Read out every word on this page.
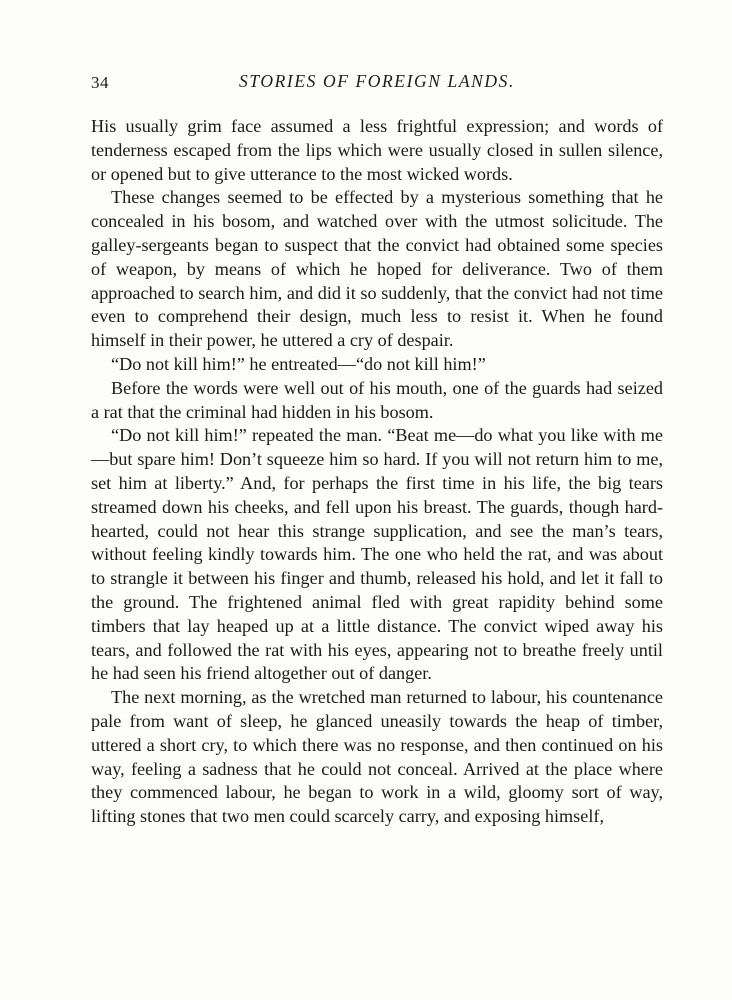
34	STORIES OF FOREIGN LANDS.

His usually grim face assumed a less frightful expression; and words of tenderness escaped from the lips which were usually closed in sullen silence, or opened but to give utterance to the most wicked words.

These changes seemed to be effected by a mysterious something that he concealed in his bosom, and watched over with the utmost solicitude. The galley-sergeants began to suspect that the convict had obtained some species of weapon, by means of which he hoped for deliverance. Two of them approached to search him, and did it so suddenly, that the convict had not time even to comprehend their design, much less to resist it. When he found himself in their power, he uttered a cry of despair.

“Do not kill him!” he entreated—“do not kill him!”

Before the words were well out of his mouth, one of the guards had seized a rat that the criminal had hidden in his bosom.

“Do not kill him!” repeated the man. “Beat me—do what you like with me—but spare him! Don’t squeeze him so hard. If you will not return him to me, set him at liberty.” And, for perhaps the first time in his life, the big tears streamed down his cheeks, and fell upon his breast. The guards, though hard-hearted, could not hear this strange supplication, and see the man’s tears, without feeling kindly towards him. The one who held the rat, and was about to strangle it between his finger and thumb, released his hold, and let it fall to the ground. The frightened animal fled with great rapidity behind some timbers that lay heaped up at a little distance. The convict wiped away his tears, and followed the rat with his eyes, appearing not to breathe freely until he had seen his friend altogether out of danger.

The next morning, as the wretched man returned to labour, his countenance pale from want of sleep, he glanced uneasily towards the heap of timber, uttered a short cry, to which there was no response, and then continued on his way, feeling a sadness that he could not conceal. Arrived at the place where they commenced labour, he began to work in a wild, gloomy sort of way, lifting stones that two men could scarcely carry, and exposing himself,
